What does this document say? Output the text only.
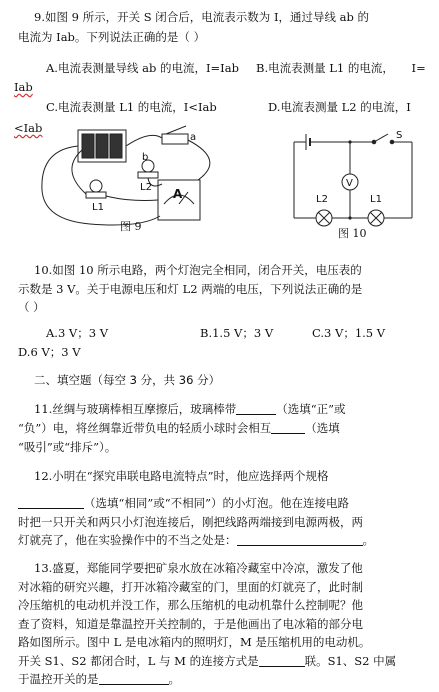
9.如图 9 所示，开关 S 闭合后，电流表示数为 I，通过导线 ab 的
电流为 Iab。下列说法正确的是（ ）
A.电流表测量导线 ab 的电流，I=Iab B.电流表测量 L1 的电流， I=
Iab
C.电流表测量 L1 的电流，I<Iab	D.电流表测量 L2 的电流，I
<Iab
a
b
L2
L1
A
图 9
V
S
L2	L1
图 10
10.如图 10 所示电路，两个灯泡完全相同，闭合开关，电压表的
示数是 3 V。关于电源电压和灯 L2 两端的电压，下列说法正确的是
（ ）
A.3 V；3 V	B.1.5 V；3 V	C.3 V；1.5 V
D.6 V；3 V
二、填空题（每空 3 分，共 36 分）
11.丝绸与玻璃棒相互摩擦后，玻璃棒带	（选填“正”或
“负”）电，将丝绸靠近带负电的轻质小球时会相互	（选填
“吸引”或“排斥”）。
12.小明在“探究串联电路电流特点”时，他应选择两个规格
（选填“相同”或“不相同”）的小灯泡。他在连接电路
时把一只开关和两只小灯泡连接后，刚把线路两端接到电源两极，两
灯就亮了，他在实验操作中的不当之处是：	。
13.盛夏，郑能同学要把矿泉水放在冰箱冷藏室中冷凉，激发了他
对冰箱的研究兴趣，打开冰箱冷藏室的门，里面的灯就亮了，此时制
冷压缩机的电动机并没工作，那么压缩机的电动机靠什么控制呢？他
查了资料，知道是靠温控开关控制的，于是他画出了电冰箱的部分电
路如图所示。图中 L 是电冰箱内的照明灯，M 是压缩机用的电动机。
开关 S1、S2 都闭合时，L 与 M 的连接方式是	联。S1、S2 中属
于温控开关的是	。
